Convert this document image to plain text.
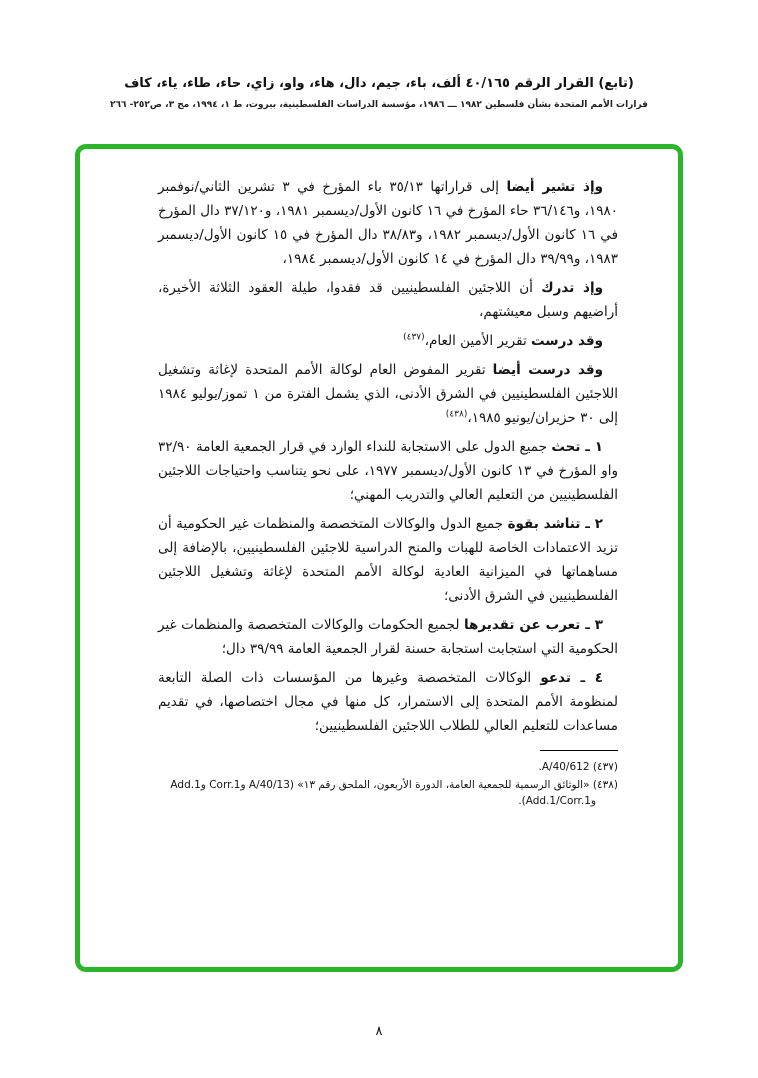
(تابع) القرار الرقم ٤٠/١٦٥ ألف، باء، جيم، دال، هاء، واو، زاي، حاء، طاء، ياء، كاف
قرارات الأمم المتحدة بشأن فلسطين ١٩٨٢ ـــ ١٩٨٦، مؤسسة الدراسات الفلسطينية، بيروت، ط ١، ١٩٩٤، مج ٣، ص٢٥٢- ٢٦٦

وإذ تشير أيضا إلى قراراتها ٣٥/١٣ باء المؤرخ في ٣ تشرين الثاني/نوفمبر ١٩٨٠، و٣٦/١٤٦ حاء المؤرخ في ١٦ كانون الأول/ديسمبر ١٩٨١، و٣٧/١٢٠ دال المؤرخ في ١٦ كانون الأول/ديسمبر ١٩٨٢، و٣٨/٨٣ دال المؤرخ في ١٥ كانون الأول/ديسمبر ١٩٨٣، و٣٩/٩٩ دال المؤرخ في ١٤ كانون الأول/ديسمبر ١٩٨٤،

وإذ تدرك أن اللاجئين الفلسطينيين قد فقدوا، طيلة العقود الثلاثة الأخيرة، أراضيهم وسبل معيشتهم،

وقد درست تقرير الأمين العام،$^{(٤٣٧)}$

وقد درست أيضا تقرير المفوض العام لوكالة الأمم المتحدة لإغاثة وتشغيل اللاجئين الفلسطينيين في الشرق الأدنى، الذي يشمل الفترة من ١ تموز/يوليو ١٩٨٤ إلى ٣٠ حزيران/يونيو ١٩٨٥،$^{(٤٣٨)}$

١ ـ تحث جميع الدول على الاستجابة للنداء الوارد في قرار الجمعية العامة ٣٢/٩٠ واو المؤرخ في ١٣ كانون الأول/ديسمبر ١٩٧٧، على نحو يتناسب واحتياجات اللاجئين الفلسطينيين من التعليم العالي والتدريب المهني؛

٢ ـ تناشد بقوة جميع الدول والوكالات المتخصصة والمنظمات غير الحكومية أن تزيد الاعتمادات الخاصة للهبات والمنح الدراسية للاجئين الفلسطينيين، بالإضافة إلى مساهماتها في الميزانية العادية لوكالة الأمم المتحدة لإغاثة وتشغيل اللاجئين الفلسطينيين في الشرق الأدنى؛

٣ ـ تعرب عن تقديرها لجميع الحكومات والوكالات المتخصصة والمنظمات غير الحكومية التي استجابت استجابة حسنة لقرار الجمعية العامة ٣٩/٩٩ دال؛

٤ ـ تدعو الوكالات المتخصصة وغيرها من المؤسسات ذات الصلة التابعة لمنظومة الأمم المتحدة إلى الاستمرار، كل منها في مجال اختصاصها، في تقديم مساعدات للتعليم العالي للطلاب اللاجئين الفلسطينيين؛

(٤٣٧) A/40/612.

(٤٣٨) «الوثائق الرسمية للجمعية العامة، الدورة الأربعون، الملحق رقم ١٣» (A/40/13 وCorr.1 وAdd.1 وAdd.1/Corr.1).

٨
